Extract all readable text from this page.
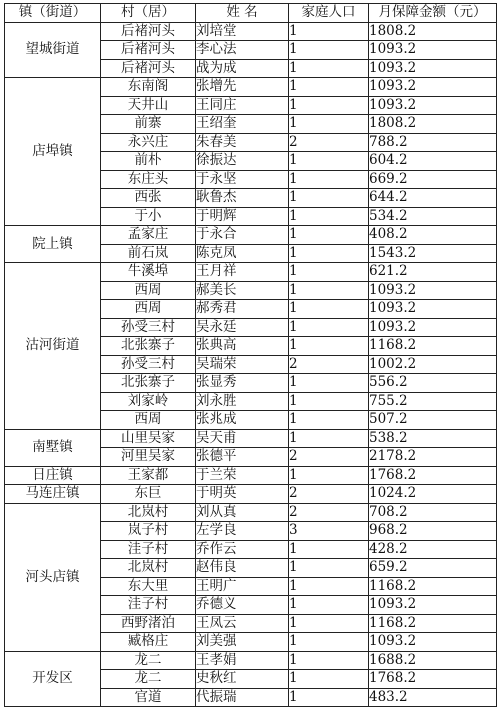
镇（街道）	村（居）	姓 名	家庭人口	月保障金额（元）
望城街道	后褚河头	刘培堂	1	1808.2
	后褚河头	李心法	1	1093.2
	后褚河头	战为成	1	1093.2
店埠镇	东南阁	张增先	1	1093.2
	天井山	王同庄	1	1093.2
	前寨	王绍奎	1	1808.2
	永兴庄	朱春美	2	788.2
	前朴	徐振达	1	604.2
	东庄头	于永坚	1	669.2
	西张	耿鲁杰	1	644.2
	于小	于明辉	1	534.2
院上镇	孟家庄	于永合	1	408.2
	前石岚	陈克凤	1	1543.2
沽河街道	牛溪埠	王月祥	1	621.2
	西周	郝美长	1	1093.2
	西周	郝秀君	1	1093.2
	孙受三村	吴永廷	1	1093.2
	北张寨子	张典高	1	1168.2
	孙受三村	吴瑞荣	2	1002.2
	北张寨子	张显秀	1	556.2
	刘家岭	刘永胜	1	755.2
	西周	张兆成	1	507.2
南墅镇	山里吴家	吴天甫	1	538.2
	河里吴家	张德平	2	2178.2
日庄镇	王家都	于兰荣	1	1768.2
马连庄镇	东巨	于明英	2	1024.2
河头店镇	北岚村	刘从真	2	708.2
	岚子村	左学良	3	968.2
	洼子村	乔作云	1	428.2
	北岚村	赵伟良	1	659.2
	东大里	王明广	1	1168.2
	洼子村	乔德义	1	1093.2
	西野渚泊	王凤云	1	1168.2
	臧格庄	刘美强	1	1093.2
开发区	龙二	王孝娟	1	1688.2
	龙二	史秋红	1	1768.2
	官道	代振瑞	1	483.2
